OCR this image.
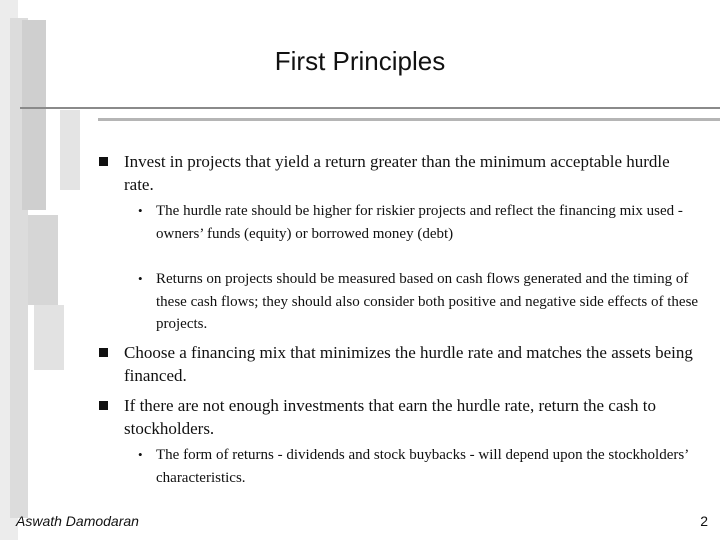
First Principles
Invest in projects that yield a return greater than the minimum acceptable hurdle rate.
• The hurdle rate should be higher for riskier projects and reflect the financing mix used - owners’ funds (equity) or borrowed money (debt)
• Returns on projects should be measured based on cash flows generated and the timing of these cash flows; they should also consider both positive and negative side effects of these projects.
Choose a financing mix that minimizes the hurdle rate and matches the assets being financed.
If there are not enough investments that earn the hurdle rate, return the cash to stockholders.
• The form of returns - dividends and stock buybacks - will depend upon the stockholders’ characteristics.
Aswath Damodaran	2
